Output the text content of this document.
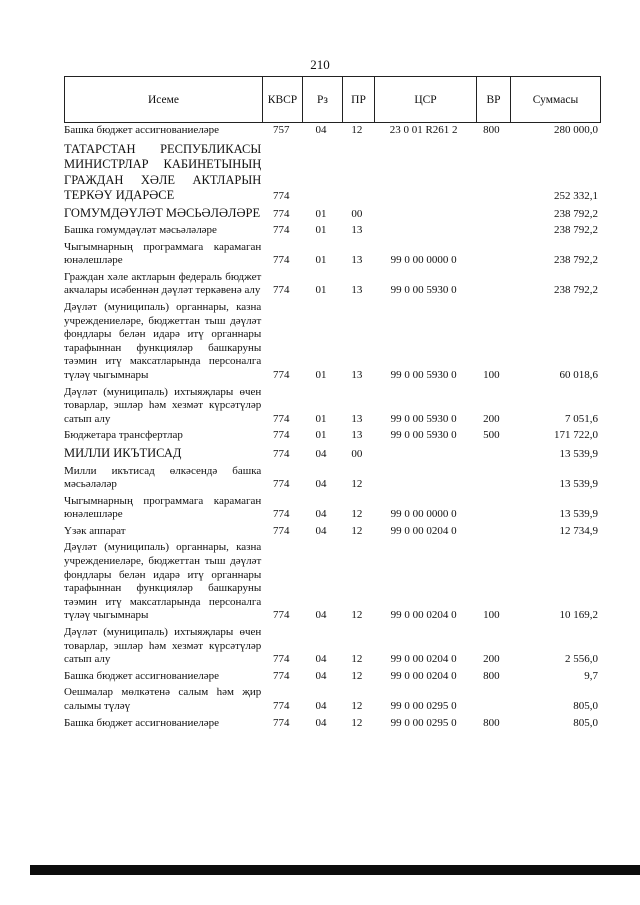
210
Исеме	КВСР	Рз	ПР	ЦСР	ВР	Суммасы
Башка бюджет ассигнованиеләре	757	04	12	23 0 01 R261 2	800	280 000,0
ТАТАРСТАН РЕСПУБЛИКАСЫ МИНИСТРЛАР КАБИНЕТЫНЫҢ ГРАЖДАН ХӘЛЕ АКТЛАРЫН ТЕРКӘҮ ИДАРӘСЕ	774	252 332,1
ГОМУМДӘҮЛӘТ МӘСЬӘЛӘЛӘРЕ	774	01	00	238 792,2
Башка гомумдәүләт мәсьәләләре	774	01	13	238 792,2
Чыгымнарның программага карамаган юнәлешләре	774	01	13	99 0 00 0000 0	238 792,2
Граждан хәле актларын федераль бюджет акчалары исәбеннән дәүләт теркәвенә алу	774	01	13	99 0 00 5930 0	238 792,2
Дәүләт (муниципаль) органнары, казна учреждениеләре, бюджеттан тыш дәүләт фондлары белән идарә итү органнары тарафыннан функцияләр башкаруны тәэмин итү максатларында персоналга түләү чыгымнары	774	01	13	99 0 00 5930 0	100	60 018,6
Дәүләт (муниципаль) ихтыяҗлары өчен товарлар, эшләр һәм хезмәт күрсәтүләр сатып алу	774	01	13	99 0 00 5930 0	200	7 051,6
Бюджетара трансфертлар	774	01	13	99 0 00 5930 0	500	171 722,0
МИЛЛИ ИКЪТИСАД	774	04	00	13 539,9
Милли икътисад өлкәсендә башка мәсьәләләр	774	04	12	13 539,9
Чыгымнарның программага карамаган юнәлешләре	774	04	12	99 0 00 0000 0	13 539,9
Үзәк аппарат	774	04	12	99 0 00 0204 0	12 734,9
Дәүләт (муниципаль) органнары, казна учреждениеләре, бюджеттан тыш дәүләт фондлары белән идарә итү органнары тарафыннан функцияләр башкаруны тәэмин итү максатларында персоналга түләү чыгымнары	774	04	12	99 0 00 0204 0	100	10 169,2
Дәүләт (муниципаль) ихтыяҗлары өчен товарлар, эшләр һәм хезмәт күрсәтүләр сатып алу	774	04	12	99 0 00 0204 0	200	2 556,0
Башка бюджет ассигнованиеләре	774	04	12	99 0 00 0204 0	800	9,7
Оешмалар мөлкәтенә салым һәм җир салымы түләү	774	04	12	99 0 00 0295 0	805,0
Башка бюджет ассигнованиеләре	774	04	12	99 0 00 0295 0	800	805,0
